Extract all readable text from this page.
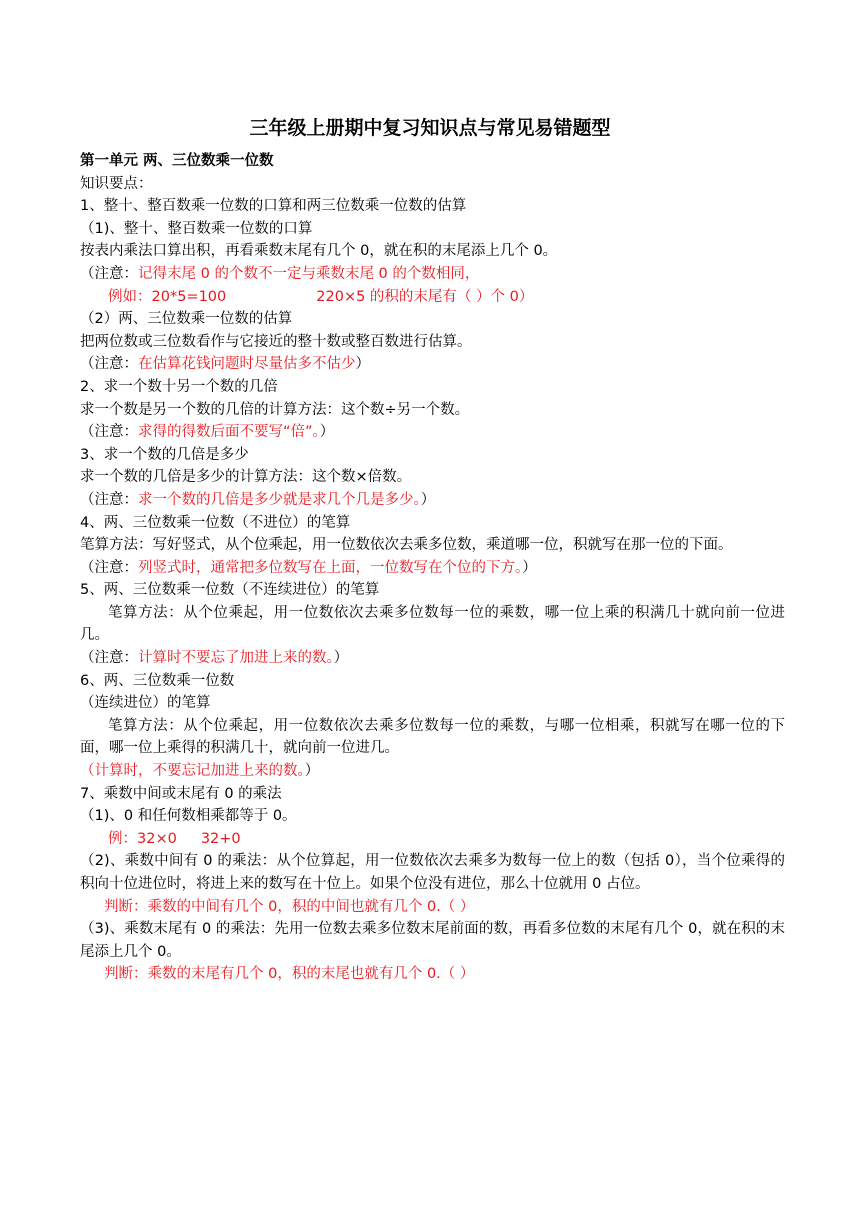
三年级上册期中复习知识点与常见易错题型
第一单元 两、三位数乘一位数
知识要点：
1、整十、整百数乘一位数的口算和两三位数乘一位数的估算
（1)、整十、整百数乘一位数的口算
按表内乘法口算出积，再看乘数末尾有几个 0，就在积的末尾添上几个 0。
（注意：记得末尾 0 的个数不一定与乘数末尾 0 的个数相同，
例如：20*5=100	220×5 的积的末尾有（ ）个 0）
（2）两、三位数乘一位数的估算
把两位数或三位数看作与它接近的整十数或整百数进行估算。
（注意：在估算花钱问题时尽量估多不估少）
2、求一个数十另一个数的几倍
求一个数是另一个数的几倍的计算方法：这个数÷另一个数。
（注意：求得的得数后面不要写“倍”。）
3、求一个数的几倍是多少
求一个数的几倍是多少的计算方法：这个数×倍数。
（注意：求一个数的几倍是多少就是求几个几是多少。）
4、两、三位数乘一位数（不进位）的笔算
笔算方法：写好竖式，从个位乘起，用一位数依次去乘多位数，乘道哪一位，积就写在那一位的下面。
（注意：列竖式时，通常把多位数写在上面，一位数写在个位的下方。）
5、两、三位数乘一位数（不连续进位）的笔算
笔算方法：从个位乘起，用一位数依次去乘多位数每一位的乘数，哪一位上乘的积满几十就向前一位进几。
（注意：计算时不要忘了加进上来的数。）
6、两、三位数乘一位数
（连续进位）的笔算
笔算方法：从个位乘起，用一位数依次去乘多位数每一位的乘数，与哪一位相乘，积就写在哪一位的下面，哪一位上乘得的积满几十，就向前一位进几。
（计算时，不要忘记加进上来的数。）
7、乘数中间或末尾有 0 的乘法
（1)、0 和任何数相乘都等于 0。
例：32×0 32+0
（2)、乘数中间有 0 的乘法：从个位算起，用一位数依次去乘多为数每一位上的数（包括 0），当个位乘得的积向十位进位时，将进上来的数写在十位上。如果个位没有进位，那么十位就用 0 占位。
判断：乘数的中间有几个 0，积的中间也就有几个 0.（ ）
（3)、乘数末尾有 0 的乘法：先用一位数去乘多位数末尾前面的数，再看多位数的末尾有几个 0，就在积的末尾添上几个 0。
判断：乘数的末尾有几个 0，积的末尾也就有几个 0.（ ）
